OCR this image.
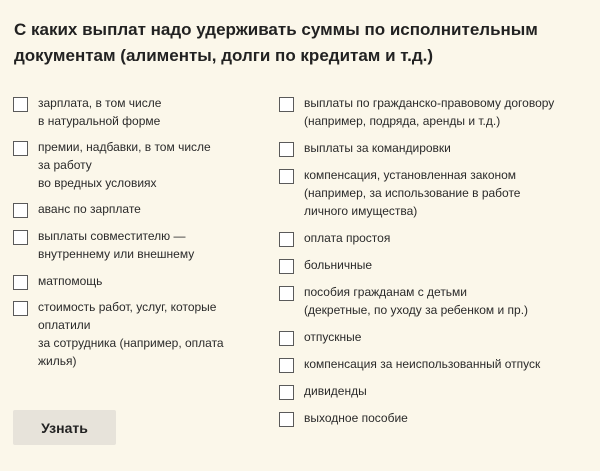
С каких выплат надо удерживать суммы по исполнительным документам (алименты, долги по кредитам и т.д.)
зарплата, в том числе
в натуральной форме
премии, надбавки, в том числе
за работу
во вредных условиях
аванс по зарплате
выплаты совместителю —
внутреннему или внешнему
матпомощь
стоимость работ, услуг, которые
оплатили
за сотрудника (например, оплата
жилья)
выплаты по гражданско-правовому договору
(например, подряда, аренды и т.д.)
выплаты за командировки
компенсация, установленная законом
(например, за использование в работе
личного имущества)
оплата простоя
больничные
пособия гражданам с детьми
(декретные, по уходу за ребенком и пр.)
отпускные
компенсация за неиспользованный отпуск
дивиденды
выходное пособие
Узнать
